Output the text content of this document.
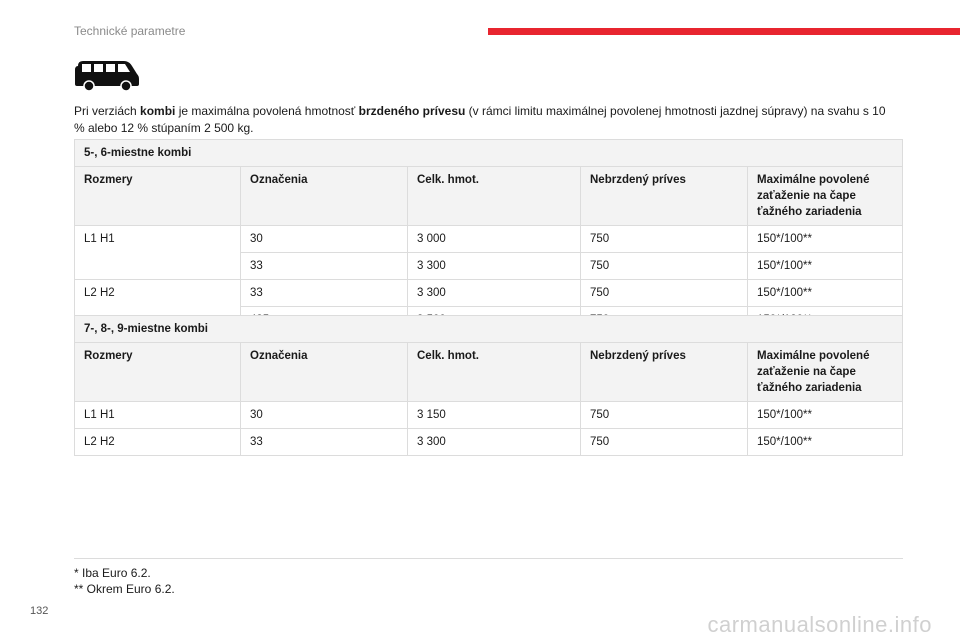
Technické parametre
Pri verziách kombi je maximálna povolená hmotnosť brzdeného prívesu (v rámci limitu maximálnej povolenej hmotnosti jazdnej súpravy) na svahu s 10 % alebo 12 % stúpaním 2 500 kg.
5-, 6-miestne kombi				
Rozmery	Označenia	Celk. hmot.	Nebrzdený príves	Maximálne povolené zaťaženie na čape ťažného zariadenia
L1 H1	30	3 000	750	150*/100**
	33	3 300	750	150*/100**
L2 H2	33	3 300	750	150*/100**

7-, 8-, 9-miestne kombi				
Rozmery	Označenia	Celk. hmot.	Nebrzdený príves	Maximálne povolené zaťaženie na čape ťažného zariadenia
L1 H1	30	3 150	750	150*/100**
L2 H2	33	3 300	750	150*/100**
* Iba Euro 6.2.
** Okrem Euro 6.2.
132
carmanualsonline.info
